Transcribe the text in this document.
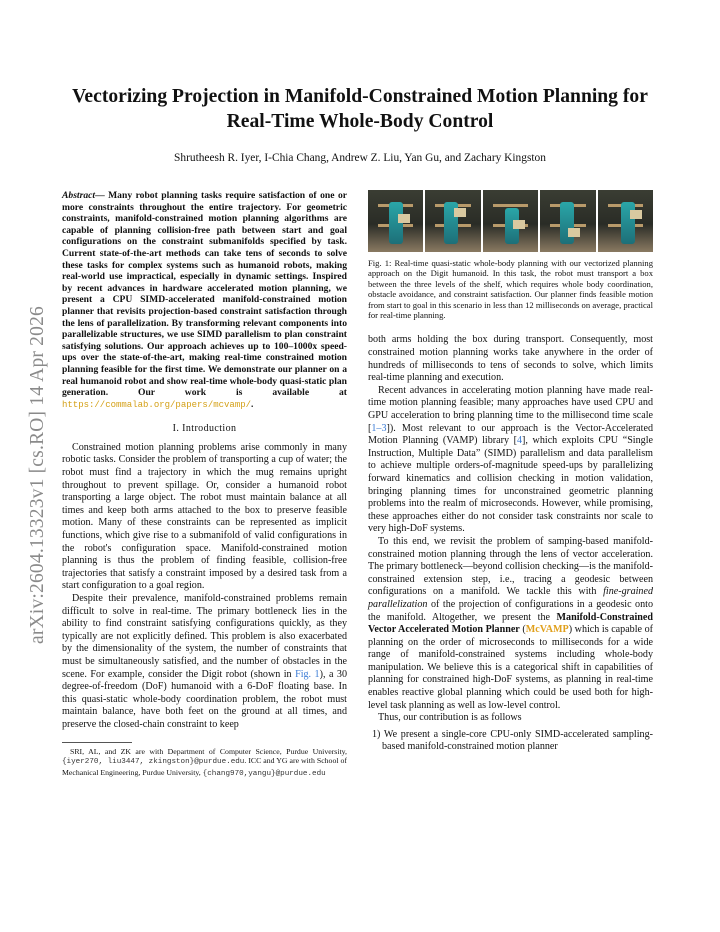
arXiv:2604.13323v1 [cs.RO] 14 Apr 2026
Vectorizing Projection in Manifold-Constrained Motion Planning for Real-Time Whole-Body Control
Shrutheesh R. Iyer, I-Chia Chang, Andrew Z. Liu, Yan Gu, and Zachary Kingston
Abstract— Many robot planning tasks require satisfaction of one or more constraints throughout the entire trajectory. For geometric constraints, manifold-constrained motion planning algorithms are capable of planning collision-free path between start and goal configurations on the constraint submanifolds specified by task. Current state-of-the-art methods can take tens of seconds to solve these tasks for complex systems such as humanoid robots, making real-world use impractical, especially in dynamic settings. Inspired by recent advances in hardware accelerated motion planning, we present a CPU SIMD-accelerated manifold-constrained motion planner that revisits projection-based constraint satisfaction through the lens of parallelization. By transforming relevant components into parallelizable structures, we use SIMD parallelism to plan constraint satisfying solutions. Our approach achieves up to 100–1000x speed-ups over the state-of-the-art, making real-time constrained motion planning feasible for the first time. We demonstrate our planner on a real humanoid robot and show real-time whole-body quasi-static plan generation. Our work is available at https://commalab.org/papers/mcvamp/.
I. Introduction

Constrained motion planning problems arise commonly in many robotic tasks. Consider the problem of transporting a cup of water; the robot must find a trajectory in which the mug remains upright throughout to prevent spillage. Or, consider a humanoid robot transporting a large object. The robot must maintain balance at all times and keep both arms attached to the box to preserve feasible motion. Many of these constraints can be represented as implicit functions, which give rise to a submanifold of valid configurations in the robot's configuration space. Manifold-constrained motion planning is thus the problem of finding feasible, collision-free trajectories that satisfy a constraint imposed by a desired task from a start configuration to a goal region.

Despite their prevalence, manifold-constrained problems remain difficult to solve in real-time. The primary bottleneck lies in the ability to find constraint satisfying configurations quickly, as they typically are not explicitly defined. This problem is also exacerbated by the dimensionality of the system, the number of constraints that must be simultaneously satisfied, and the number of obstacles in the scene. For example, consider the Digit robot (shown in Fig. 1), a 30 degree-of-freedom (DoF) humanoid with a 6-DoF floating base. In this quasi-static whole-body coordination problem, the robot must maintain balance, have both feet on the ground at all times, and preserve the closed-chain constraint to keep

SRI, AL, and ZK are with Department of Computer Science, Purdue University, {iyer270, liu3447, zkingston}@purdue.edu. ICC and YG are with School of Mechanical Engineering, Purdue University, {chang970,yangu}@purdue.edu
Fig. 1: Real-time quasi-static whole-body planning with our vectorized planning approach on the Digit humanoid. In this task, the robot must transport a box between the three levels of the shelf, which requires whole body coordination, obstacle avoidance, and constraint satisfaction. Our planner finds feasible motion from start to goal in this scenario in less than 12 milliseconds on average, practical for real-time planning.

both arms holding the box during transport. Consequently, most constrained motion planning works take anywhere in the order of hundreds of milliseconds to tens of seconds to solve, which limits real-time planning and execution.

Recent advances in accelerating motion planning have made real-time motion planning feasible; many approaches have used CPU and GPU acceleration to bring planning time to the millisecond time scale [1–3]). Most relevant to our approach is the Vector-Accelerated Motion Planning (VAMP) library [4], which exploits CPU “Single Instruction, Multiple Data” (SIMD) parallelism and data parallelism to achieve multiple orders-of-magnitude speed-ups by parallelizing forward kinematics and collision checking in motion validation, bringing planning times for unconstrained geometric planning problems into the realm of microseconds. However, while promising, these approaches either do not consider task constraints nor scale to very high-DoF systems.

To this end, we revisit the problem of samping-based manifold-constrained motion planning through the lens of vector acceleration. The primary bottleneck—beyond collision checking—is the manifold-constrained extension step, i.e., tracing a geodesic between configurations on a manifold. We tackle this with fine-grained parallelization of the projection of configurations in a geodesic onto the manifold. Altogether, we present the Manifold-Constrained Vector Accelerated Motion Planner (McVAMP) which is capable of planning on the order of microseconds to milliseconds for a wide range of manifold-constrained systems including whole-body manipulation. We believe this is a categorical shift in capabilities of planning for constrained high-DoF systems, as planning in real-time enables reactive global planning which could be used both for high-level task planning as well as low-level control.

Thus, our contribution is as follows

1) We present a single-core CPU-only SIMD-accelerated sampling-based manifold-constrained motion planner
